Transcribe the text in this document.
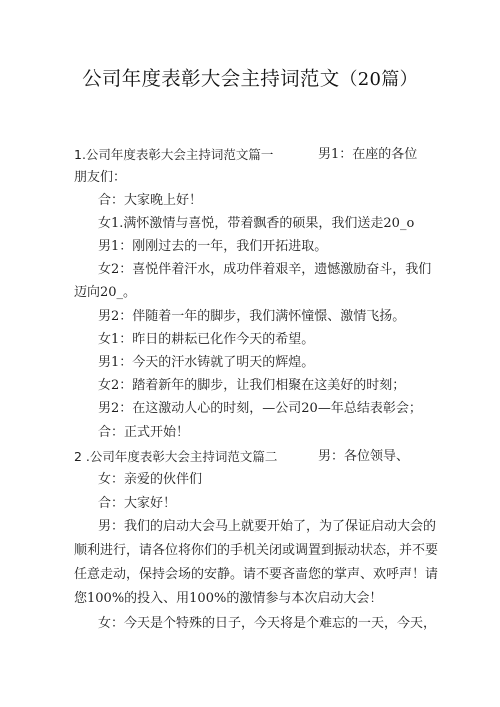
公司年度表彰大会主持词范文（20篇）
1.公司年度表彰大会主持词范文篇一	男1：在座的各位
朋友们：
合：大家晚上好！
女1.满怀激情与喜悦，带着飘香的硕果，我们送走20_o
男1：刚刚过去的一年，我们开拓进取。
女2：喜悦伴着汗水，成功伴着艰辛，遗憾激励奋斗，我们
迈向20_。
男2：伴随着一年的脚步，我们满怀憧憬、激情飞扬。
女1：昨日的耕耘已化作今天的希望。
男1：今天的汗水铸就了明天的辉煌。
女2：踏着新年的脚步，让我们相聚在这美好的时刻；
男2：在这激动人心的时刻，—公司20—年总结表彰会；
合：正式开始！
2 .公司年度表彰大会主持词范文篇二	男：各位领导、
女：亲爱的伙伴们
合：大家好！
男：我们的启动大会马上就要开始了，为了保证启动大会的
顺利进行，请各位将你们的手机关闭或调置到振动状态，并不要
任意走动，保持会场的安静。请不要吝啬您的掌声、欢呼声！请
您100%的投入、用100%的激情参与本次启动大会！
女：今天是个特殊的日子，今天将是个难忘的一天，今天，
